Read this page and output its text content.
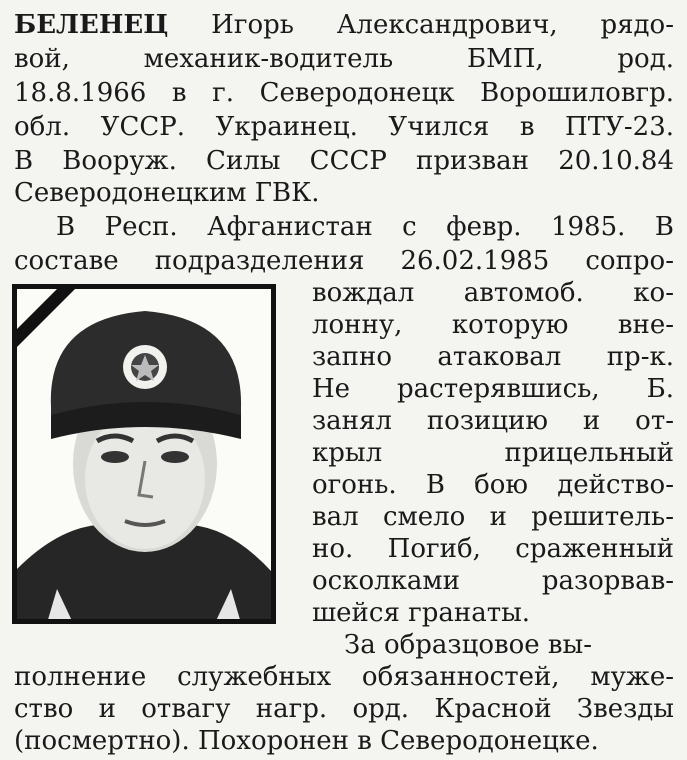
БЕЛЕНЕЦ Игорь Александрович, рядо-
вой, механик-водитель БМП, род.
18.8.1966 в г. Северодонецк Ворошиловгр.
обл. УССР. Украинец. Учился в ПТУ-23.
В Вооруж. Силы СССР призван 20.10.84
Северодонецким ГВК.
В Респ. Афганистан с февр. 1985. В
составе подразделения 26.02.1985 сопро-
вождал автомоб. ко-
лонну, которую вне-
запно атаковал пр-к.
Не растерявшись, Б.
занял позицию и от-
крыл прицельный
огонь. В бою действо-
вал смело и решитель-
но. Погиб, сраженный
осколками разорвав-
шейся гранаты.
За образцовое вы-
полнение служебных обязанностей, муже-
ство и отвагу нагр. орд. Красной Звезды
(посмертно). Похоронен в Северодонецке.
